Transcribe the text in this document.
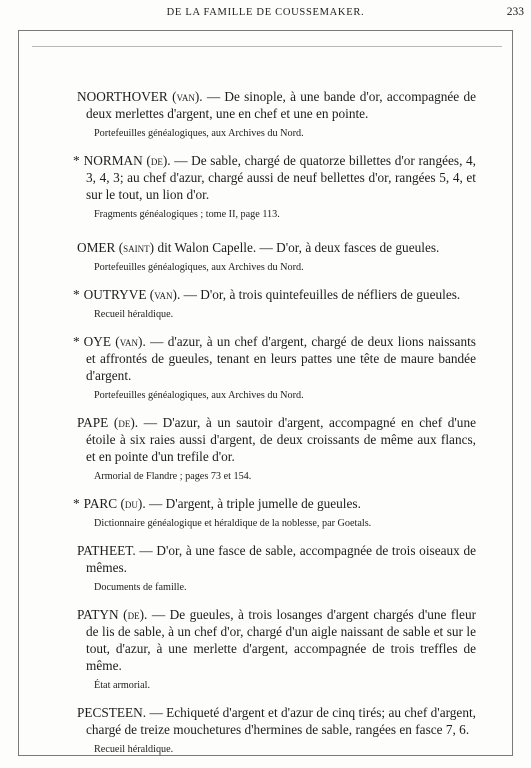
DE LA FAMILLE DE COUSSEMAKER.	233

NOORTHOVER (van). — De sinople, à une bande d'or, accompagnée de deux merlettes d'argent, une en chef et une en pointe.

Portefeuilles généalogiques, aux Archives du Nord.

* NORMAN (de). — De sable, chargé de quatorze billettes d'or rangées, 4, 3, 4, 3; au chef d'azur, chargé aussi de neuf bellettes d'or, rangées 5, 4, et sur le tout, un lion d'or.

Fragments généalogiques ; tome II, page 113.

OMER (saint) dit Walon Capelle. — D'or, à deux fasces de gueules.

Portefeuilles généalogiques, aux Archives du Nord.

* OUTRYVE (van). — D'or, à trois quintefeuilles de néfliers de gueules.

Recueil héraldique.

* OYE (van). — d'azur, à un chef d'argent, chargé de deux lions naissants et affrontés de gueules, tenant en leurs pattes une tête de maure bandée d'argent.

Portefeuilles généalogiques, aux Archives du Nord.

PAPE (de). — D'azur, à un sautoir d'argent, accompagné en chef d'une étoile à six raies aussi d'argent, de deux croissants de même aux flancs, et en pointe d'un trefile d'or.

Armorial de Flandre ; pages 73 et 154.

* PARC (du). — D'argent, à triple jumelle de gueules.

Dictionnaire généalogique et héraldique de la noblesse, par Goetals.

PATHEET. — D'or, à une fasce de sable, accompagnée de trois oiseaux de mêmes.

Documents de famille.

PATYN (de). — De gueules, à trois losanges d'argent chargés d'une fleur de lis de sable, à un chef d'or, chargé d'un aigle naissant de sable et sur le tout, d'azur, à une merlette d'argent, accompagnée de trois treffles de même.

État armorial.

PECSTEEN. — Echiqueté d'argent et d'azur de cinq tirés; au chef d'argent, chargé de treize mouchetures d'hermines de sable, rangées en fasce 7, 6.

Recueil héraldique.
